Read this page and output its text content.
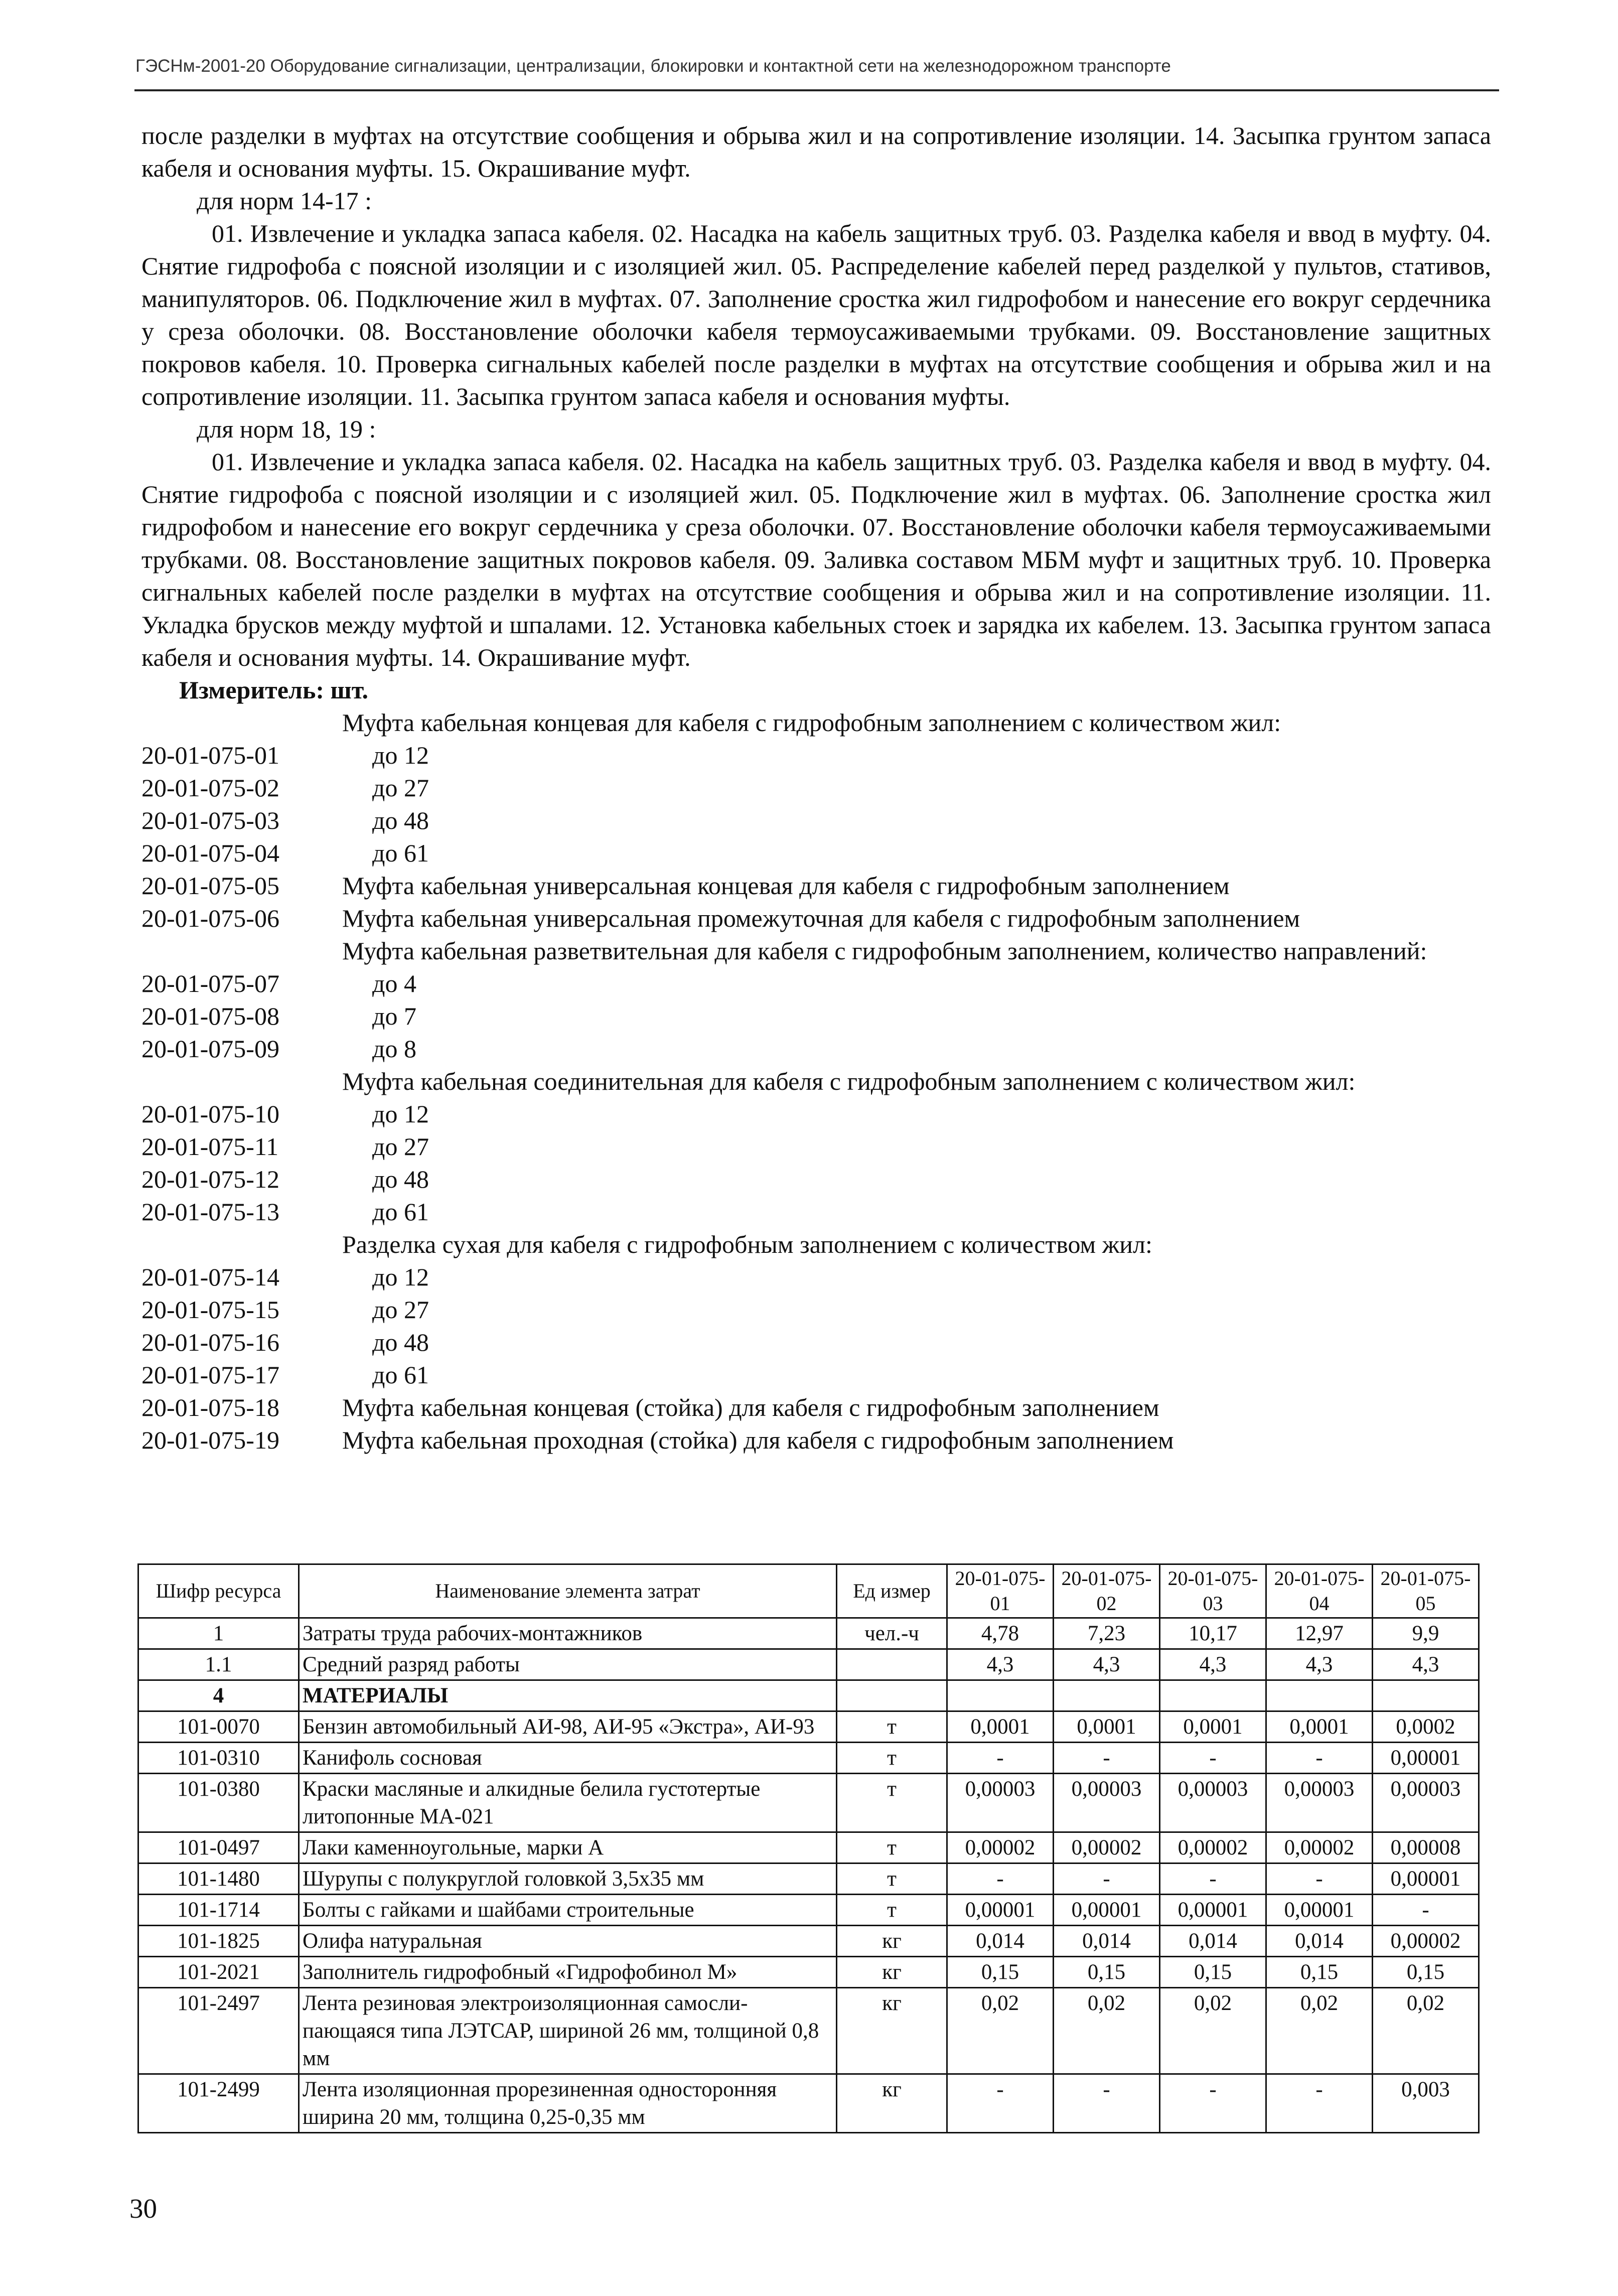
ГЭСНм-2001-20 Оборудование сигнализации, централизации, блокировки и контактной сети на железнодорожном транспорте

после разделки в муфтах на отсутствие сообщения и обрыва жил и на сопротивление изоляции. 14. Засыпка грунтом запаса кабеля и основания муфты. 15. Окрашивание муфт.

для норм 14-17 :

01. Извлечение и укладка запаса кабеля. 02. Насадка на кабель защитных труб. 03. Разделка кабеля и ввод в муфту. 04. Снятие гидрофоба с поясной изоляции и с изоляцией жил. 05. Распределение кабелей перед разделкой у пультов, стативов, манипуляторов. 06. Подключение жил в муфтах. 07. Заполнение сростка жил гидрофобом и нанесение его вокруг сердечника у среза оболочки. 08. Восстановление оболочки кабеля термоусаживаемыми трубками. 09. Восстановление защитных покровов кабеля. 10. Проверка сигнальных кабелей после разделки в муфтах на отсутствие сообщения и обрыва жил и на сопротивление изоляции. 11. Засыпка грунтом запаса кабеля и основания муфты.

для норм 18, 19 :

01. Извлечение и укладка запаса кабеля. 02. Насадка на кабель защитных труб. 03. Разделка кабеля и ввод в муфту. 04. Снятие гидрофоба с поясной изоляции и с изоляцией жил. 05. Подключение жил в муфтах. 06. Заполнение сростка жил гидрофобом и нанесение его вокруг сердечника у среза оболочки. 07. Восстановление оболочки кабеля термоусаживаемыми трубками. 08. Восстановление защитных покровов кабеля. 09. Заливка составом МБМ муфт и защитных труб. 10. Проверка сигнальных кабелей после разделки в муфтах на отсутствие сообщения и обрыва жил и на сопротивление изоляции. 11. Укладка брусков между муфтой и шпалами. 12. Установка кабельных стоек и зарядка их кабелем. 13. Засыпка грунтом запаса кабеля и основания муфты. 14. Окрашивание муфт.

Измеритель: шт.

Муфта кабельная концевая для кабеля с гидрофобным заполнением с количеством жил:
20-01-075-01	до 12
20-01-075-02	до 27
20-01-075-03	до 48
20-01-075-04	до 61
20-01-075-05	Муфта кабельная универсальная концевая для кабеля с гидрофобным заполнением
20-01-075-06	Муфта кабельная универсальная промежуточная для кабеля с гидрофобным заполнением
Муфта кабельная разветвительная для кабеля с гидрофобным заполнением, количество направлений:
20-01-075-07	до 4
20-01-075-08	до 7
20-01-075-09	до 8
Муфта кабельная соединительная для кабеля с гидрофобным заполнением с количеством жил:
20-01-075-10	до 12
20-01-075-11	до 27
20-01-075-12	до 48
20-01-075-13	до 61
Разделка сухая для кабеля с гидрофобным заполнением с количеством жил:
20-01-075-14	до 12
20-01-075-15	до 27
20-01-075-16	до 48
20-01-075-17	до 61
20-01-075-18	Муфта кабельная концевая (стойка) для кабеля с гидрофобным заполнением
20-01-075-19	Муфта кабельная проходная (стойка) для кабеля с гидрофобным заполнением
Шифр ресурса	Наименование элемента затрат	Ед измер	20-01-075-01	20-01-075-02	20-01-075-03	20-01-075-04	20-01-075-05
1	Затраты труда рабочих-монтажников	чел.-ч	4,78	7,23	10,17	12,97	9,9
1.1	Средний разряд работы		4,3	4,3	4,3	4,3	4,3
4	МАТЕРИАЛЫ						
101-0070	Бензин автомобильный АИ-98, АИ-95 «Экстра», АИ-93	т	0,0001	0,0001	0,0001	0,0001	0,0002
101-0310	Канифоль сосновая	т	-	-	-	-	0,00001
101-0380	Краски масляные и алкидные белила густотертые литопонные МА-021	т	0,00003	0,00003	0,00003	0,00003	0,00003
101-0497	Лаки каменноугольные, марки А	т	0,00002	0,00002	0,00002	0,00002	0,00008
101-1480	Шурупы с полукруглой головкой 3,5х35 мм	т	-	-	-	-	0,00001
101-1714	Болты с гайками и шайбами строительные	т	0,00001	0,00001	0,00001	0,00001	-
101-1825	Олифа натуральная	кг	0,014	0,014	0,014	0,014	0,00002
101-2021	Заполнитель гидрофобный «Гидрофобинол М»	кг	0,15	0,15	0,15	0,15	0,15
101-2497	Лента резиновая электроизоляционная самослипающаяся типа ЛЭТСАР, шириной 26 мм, толщиной 0,8 мм	кг	0,02	0,02	0,02	0,02	0,02
101-2499	Лента изоляционная прорезиненная односторонняя ширина 20 мм, толщина 0,25-0,35 мм	кг	-	-	-	-	0,003
30
